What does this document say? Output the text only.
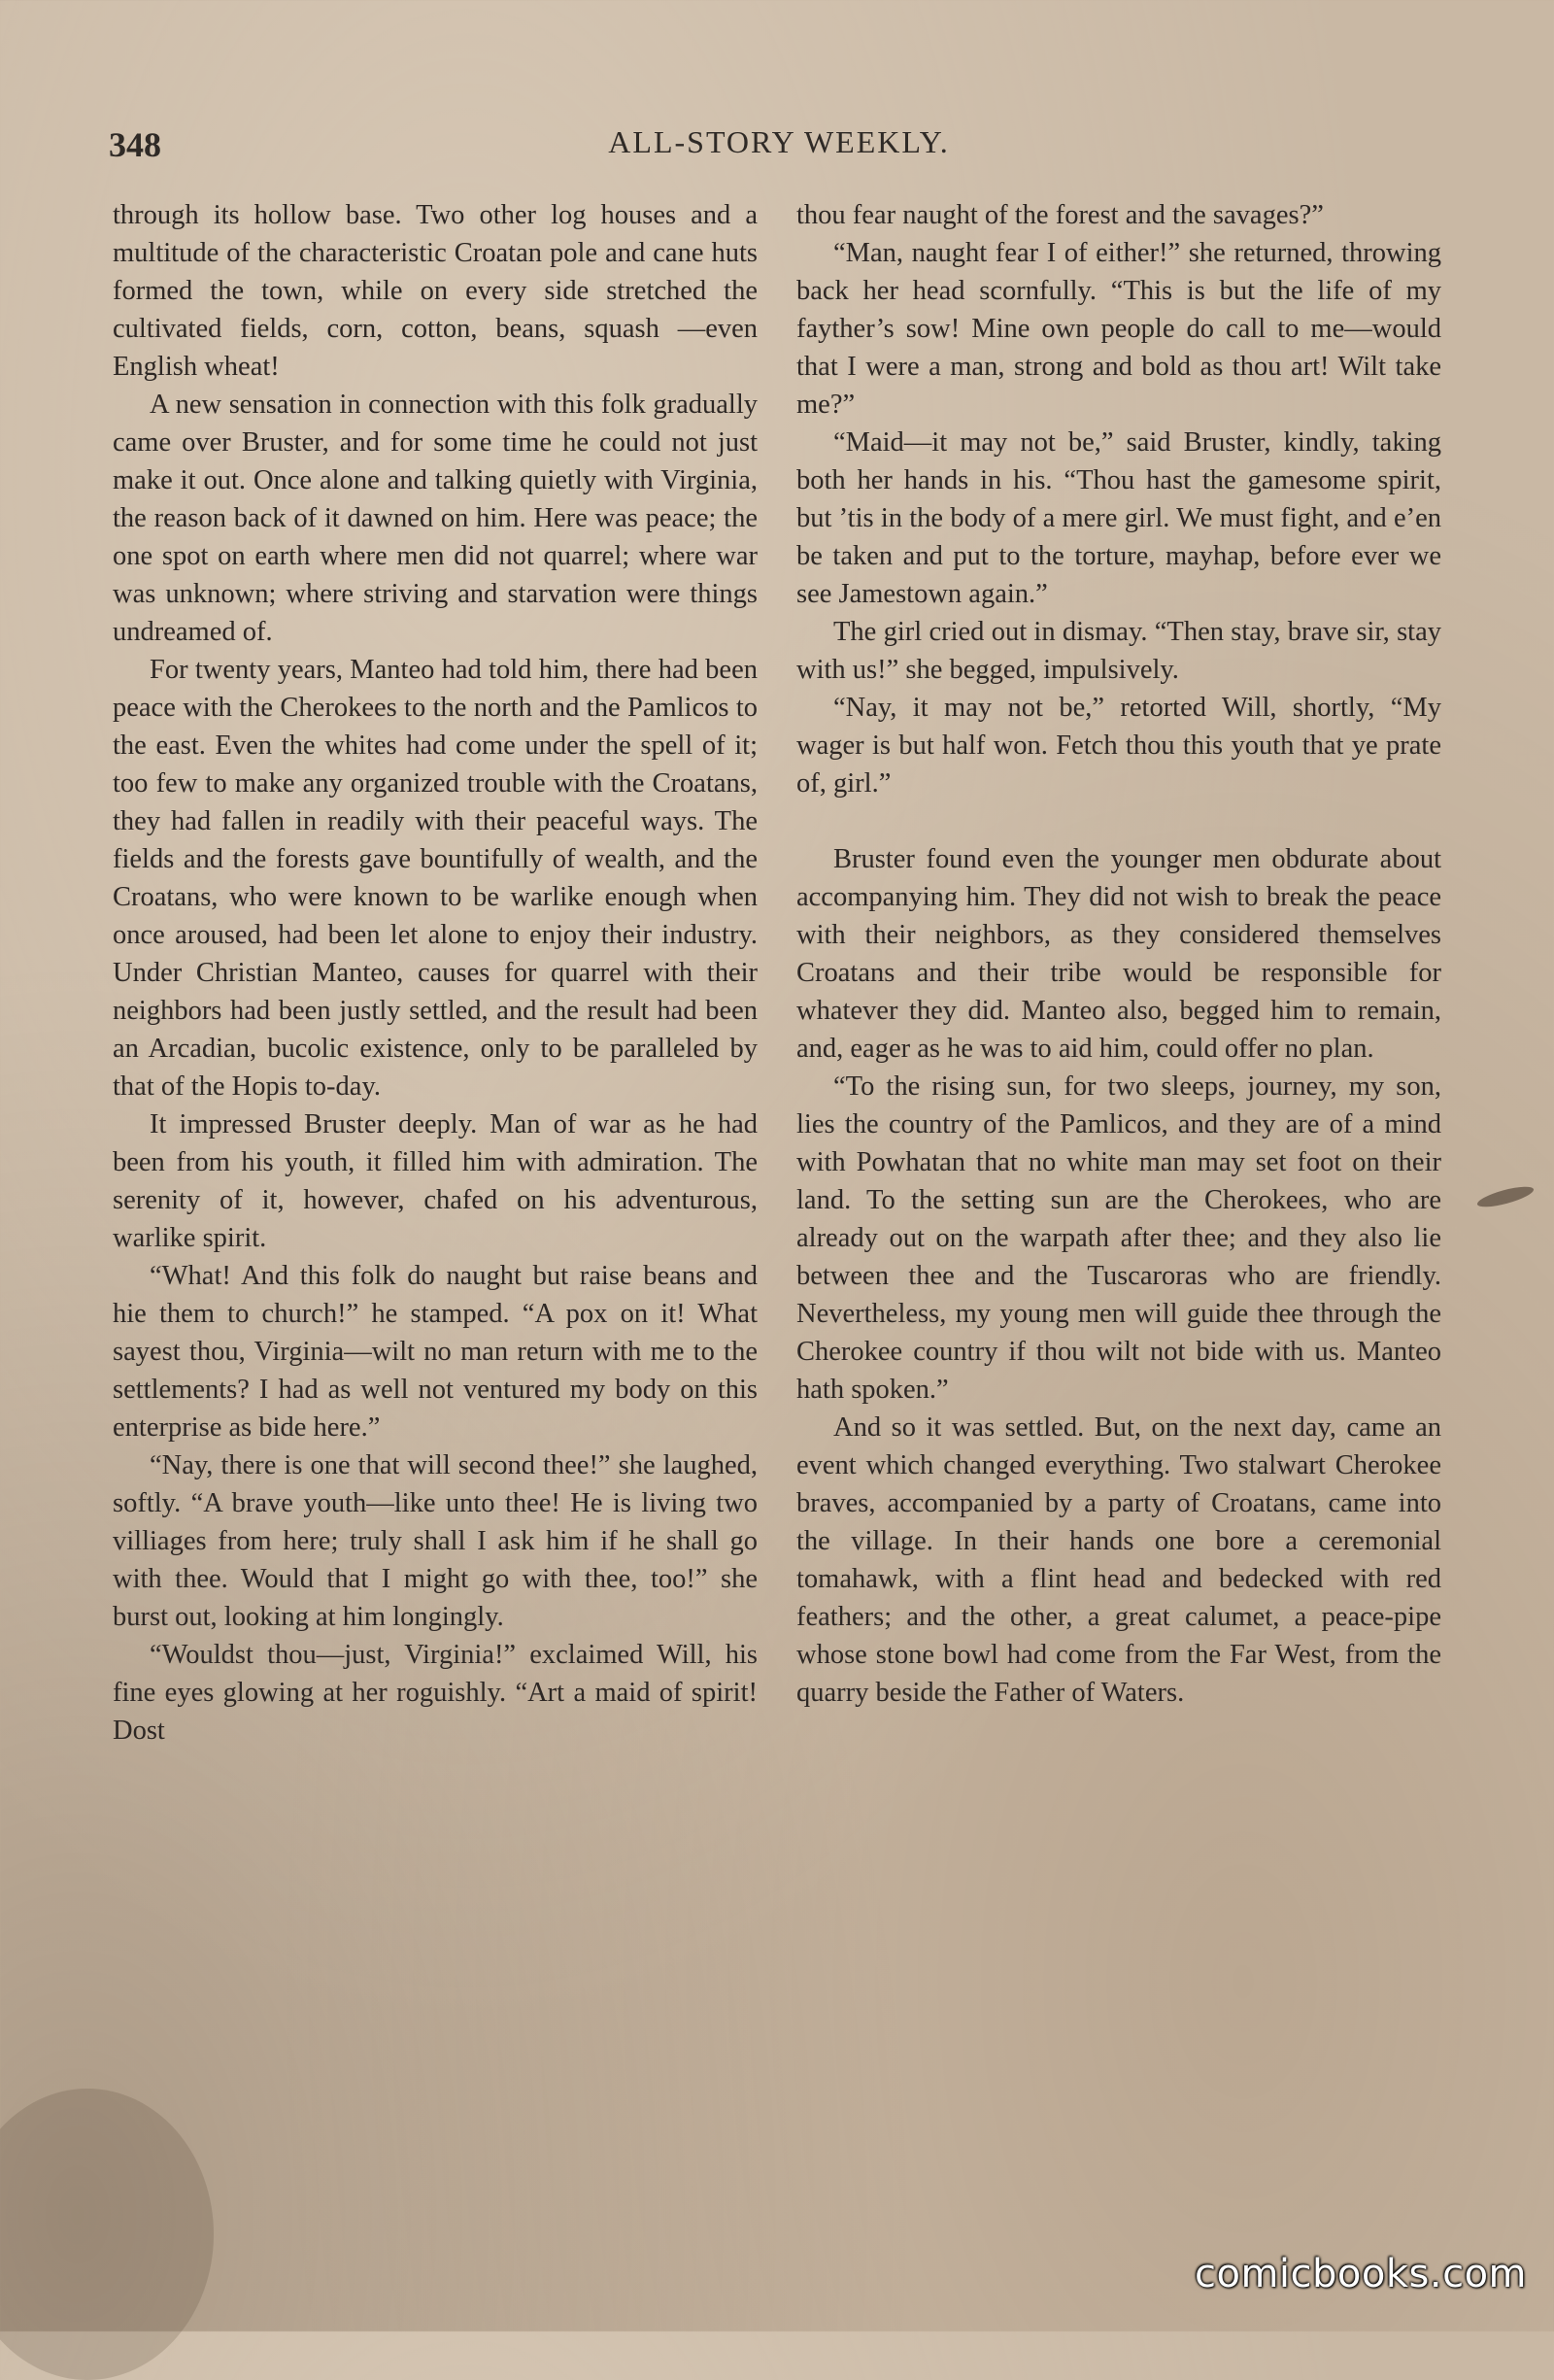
348	ALL-STORY WEEKLY.

through its hollow base. Two other log houses and a multitude of the characteristic Croatan pole and cane huts formed the town, while on every side stretched the cultivated fields, corn, cotton, beans, squash —even English wheat!

A new sensation in connection with this folk gradually came over Bruster, and for some time he could not just make it out. Once alone and talking quietly with Virginia, the reason back of it dawned on him. Here was peace; the one spot on earth where men did not quarrel; where war was unknown; where striving and starvation were things undreamed of.

For twenty years, Manteo had told him, there had been peace with the Cherokees to the north and the Pamlicos to the east. Even the whites had come under the spell of it; too few to make any organized trouble with the Croatans, they had fallen in readily with their peaceful ways. The fields and the forests gave bountifully of wealth, and the Croatans, who were known to be warlike enough when once aroused, had been let alone to enjoy their industry. Under Christian Manteo, causes for quarrel with their neighbors had been justly settled, and the result had been an Arcadian, bucolic existence, only to be paralleled by that of the Hopis to-day.

It impressed Bruster deeply. Man of war as he had been from his youth, it filled him with admiration. The serenity of it, however, chafed on his adventurous, warlike spirit.

“What! And this folk do naught but raise beans and hie them to church!” he stamped. “A pox on it! What sayest thou, Virginia—wilt no man return with me to the settlements? I had as well not ventured my body on this enterprise as bide here.”

“Nay, there is one that will second thee!” she laughed, softly. “A brave youth—like unto thee! He is living two villiages from here; truly shall I ask him if he shall go with thee. Would that I might go with thee, too!” she burst out, looking at him longingly.

“Wouldst thou—just, Virginia!” exclaimed Will, his fine eyes glowing at her roguishly. “Art a maid of spirit! Dost

thou fear naught of the forest and the savages?”

“Man, naught fear I of either!” she returned, throwing back her head scornfully. “This is but the life of my fayther’s sow! Mine own people do call to me—would that I were a man, strong and bold as thou art! Wilt take me?”

“Maid—it may not be,” said Bruster, kindly, taking both her hands in his. “Thou hast the gamesome spirit, but ’tis in the body of a mere girl. We must fight, and e’en be taken and put to the torture, mayhap, before ever we see Jamestown again.”

The girl cried out in dismay. “Then stay, brave sir, stay with us!” she begged, impulsively.

“Nay, it may not be,” retorted Will, shortly, “My wager is but half won. Fetch thou this youth that ye prate of, girl.”

Bruster found even the younger men obdurate about accompanying him. They did not wish to break the peace with their neighbors, as they considered themselves Croatans and their tribe would be responsible for whatever they did. Manteo also, begged him to remain, and, eager as he was to aid him, could offer no plan.

“To the rising sun, for two sleeps, journey, my son, lies the country of the Pamlicos, and they are of a mind with Powhatan that no white man may set foot on their land. To the setting sun are the Cherokees, who are already out on the warpath after thee; and they also lie between thee and the Tuscaroras who are friendly. Nevertheless, my young men will guide thee through the Cherokee country if thou wilt not bide with us. Manteo hath spoken.”

And so it was settled. But, on the next day, came an event which changed everything. Two stalwart Cherokee braves, accompanied by a party of Croatans, came into the village. In their hands one bore a ceremonial tomahawk, with a flint head and bedecked with red feathers; and the other, a great calumet, a peace-pipe whose stone bowl had come from the Far West, from the quarry beside the Father of Waters.

comicbooks.com
